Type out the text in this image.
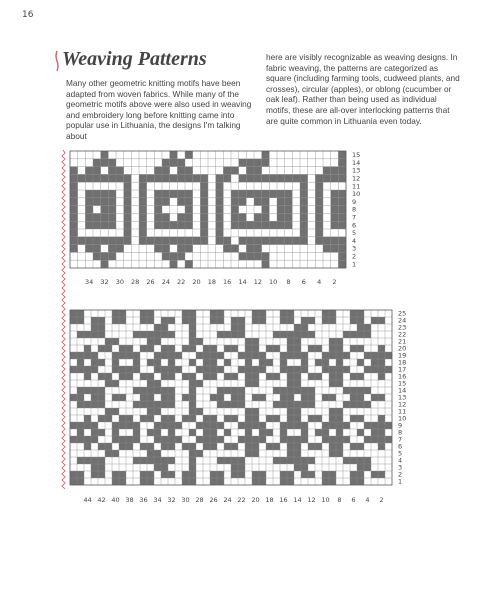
16
Weaving Patterns

Many other geometric knitting motifs have been adapted from woven fabrics. While many of the geometric motifs above were also used in weaving and embroidery long before knitting came into popular use in Lithuania, the designs I'm talking about

here are visibly recognizable as weaving designs. In fabric weaving, the patterns are categorized as square (including farming tools, cudweed plants, and crosses), circular (apples), or oblong (cucumber or oak leaf). Rather than being used as individual motifs, these are all-over interlocking patterns that are quite common in Lithuania even today.

34 32 30 28 26 24 22 20 18 16 14 12 10 8 6 4 2
15
14
13
12
11
10
9
8
7
6
5
4
3
2
1
44 42 40 38 36 34 32 30 28 26 24 22 20 18 16 14 12 10 8 6 4 2
25
24
23
22
21
20
19
18
17
16
15
14
13
12
11
10
9
8
7
6
5
4
3
2
1
